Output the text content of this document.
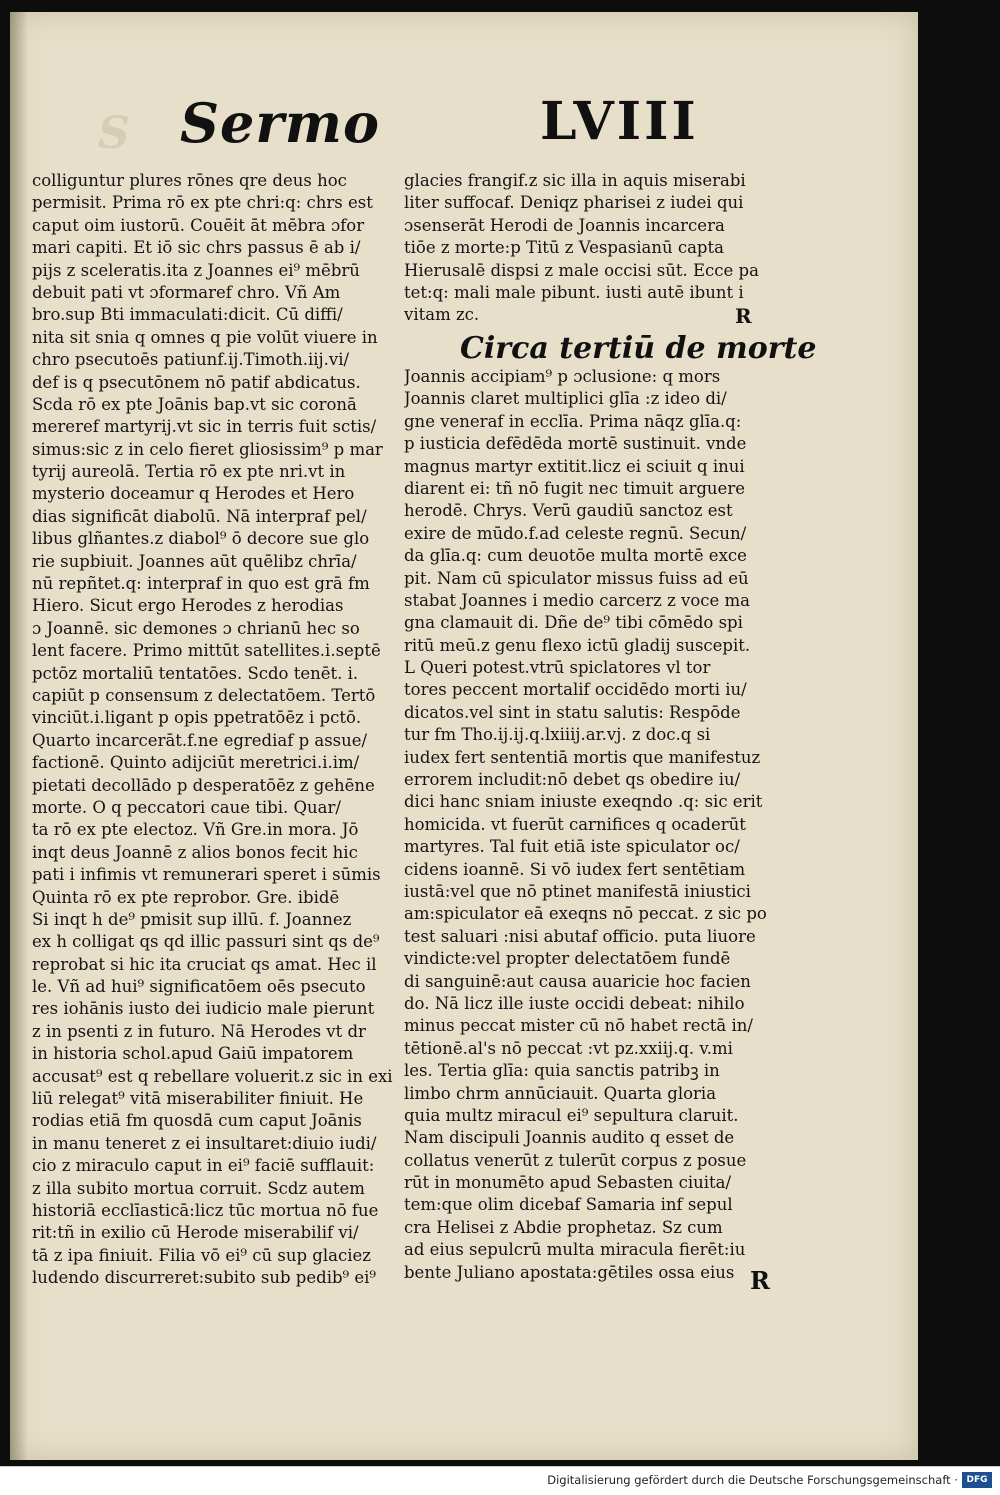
S Sermo	LVIII
colliguntur plures rōnes qre deus hoc
permisit. Prima rō ex pte chri:q: chrs est
caput oim iustorū. Couēit āt mēbra ɔfor
mari capiti. Et iō sic chrs passus ē ab i/
pijs z sceleratis.ita z Joannes ei⁹ mēbrū
debuit pati vt ɔformaref chro. Vñ Am
bro.sup Bti immaculati:dicit. Cū diffi/
nita sit snia q omnes q pie volūt viuere in
chro psecutoēs patiunf.ij.Timoth.iij.vi/
def is q psecutōnem nō patif abdicatus.
Scda rō ex pte Joānis bap.vt sic coronā
mereref martyrij.vt sic in terris fuit sctis/
simus:sic z in celo fieret gliosissim⁹ p mar
tyrij aureolā. Tertia rō ex pte nri.vt in
mysterio doceamur q Herodes et Hero
dias significāt diabolū. Nā interpraf pel/
libus glñantes.z diabol⁹ ō decore sue glo
rie supbiuit. Joannes aūt quēlibz chrīa/
nū repñtet.q: interpraf in quo est grā fm
Hiero. Sicut ergo Herodes z herodias
ɔ Joannē. sic demones ɔ chrianū hec so
lent facere. Primo mittūt satellites.i.septē
pctōz mortaliū tentatōes. Scdo tenēt. i.
capiūt p consensum z delectatōem. Tertō
vinciūt.i.ligant p opis ppetratōēz i pctō.
Quarto incarcerāt.f.ne egrediaf p assue/
factionē. Quinto adijciūt meretrici.i.im/
pietati decollādo p desperatōēz z gehēne
morte. O q peccatori caue tibi. Quar/
ta rō ex pte electoz. Vñ Gre.in mora. Jō
inqt deus Joannē z alios bonos fecit hic
pati i infimis vt remunerari speret i sūmis
Quinta rō ex pte reprobor. Gre. ibidē
Si inqt h de⁹ pmisit sup illū. f. Joannez
ex h colligat qs qd illic passuri sint qs de⁹
reprobat si hic ita cruciat qs amat. Hec il
le. Vñ ad hui⁹ significatōem oēs psecuto
res iohānis iusto dei iudicio male pierunt
z in psenti z in futuro. Nā Herodes vt dr
in historia schol.apud Gaiū impatorem
accusat⁹ est q rebellare voluerit.z sic in exi
liū relegat⁹ vitā miserabiliter finiuit. He
rodias etiā fm quosdā cum caput Joānis
in manu teneret z ei insultaret:diuio iudi/
cio z miraculo caput in ei⁹ faciē sufflauit:
z illa subito mortua corruit. Scdz autem
historiā ecclīasticā:licz tūc mortua nō fue
rit:tñ in exilio cū Herode miserabilif vi/
tā z ipa finiuit. Filia vō ei⁹ cū sup glaciez
ludendo discurreret:subito sub pedib⁹ ei⁹
glacies frangif.z sic illa in aquis miserabi
liter suffocaf. Deniqz pharisei z iudei qui
ɔsenserāt Herodi de Joannis incarcera
tiōe z morte:p Titū z Vespasianū capta
Hierusalē dispsi z male occisi sūt. Ecce pa
tet:q: mali male pibunt. iusti autē ibunt i
vitam zc.	R
Circa tertiū de morte
Joannis accipiam⁹ p ɔclusione: q mors
Joannis claret multiplici glīa :z ideo di/
gne veneraf in ecclīa. Prima nāqz glīa.q:
p iusticia defēdēda mortē sustinuit. vnde
magnus martyr extitit.licz ei sciuit q inui
diarent ei: tñ nō fugit nec timuit arguere
herodē. Chrys. Verū gaudiū sanctoz est
exire de mūdo.f.ad celeste regnū. Secun/
da glīa.q: cum deuotōe multa mortē exce
pit. Nam cū spiculator missus fuiss ad eū
stabat Joannes i medio carcerz z voce ma
gna clamauit di. Dñe de⁹ tibi cōmēdo spi
ritū meū.z genu flexo ictū gladij suscepit.
L Queri potest.vtrū spiclatores vl tor
tores peccent mortalif occidēdo morti iu/
dicatos.vel sint in statu salutis: Respōde
tur fm Tho.ij.ij.q.lxiiij.ar.vj. z doc.q si
iudex fert sententiā mortis que manifestuz
errorem includit:nō debet qs obedire iu/
dici hanc sniam iniuste exeqndo .q: sic erit
homicida. vt fuerūt carnifices q ocaderūt
martyres. Tal fuit etiā iste spiculator oc/
cidens ioannē. Si vō iudex fert sentētiam
iustā:vel que nō ptinet manifestā iniustici
am:spiculator eā exeqns nō peccat. z sic po
test saluari :nisi abutaf officio. puta liuore
vindicte:vel propter delectatōem fundē
di sanguinē:aut causa auaricie hoc facien
do. Nā licz ille iuste occidi debeat: nihilo
minus peccat mister cū nō habet rectā in/
tētionē.al's nō peccat :vt pz.xxiij.q. v.mi
les. Tertia glīa: quia sanctis patribꝫ in
limbo chrm annūciauit. Quarta gloria
quia multz miracul ei⁹ sepultura claruit.
Nam discipuli Joannis audito q esset de
collatus venerūt z tulerūt corpus z posue
rūt in monumēto apud Sebasten ciuita/
tem:que olim dicebaf Samaria inf sepul
cra Helisei z Abdie prophetaz. Sz cum
ad eius sepulcrū multa miracula fierēt:iu
bente Juliano apostata:gētiles ossa eius R
Digitalisierung gefördert durch die Deutsche Forschungsgemeinschaft · DFG
